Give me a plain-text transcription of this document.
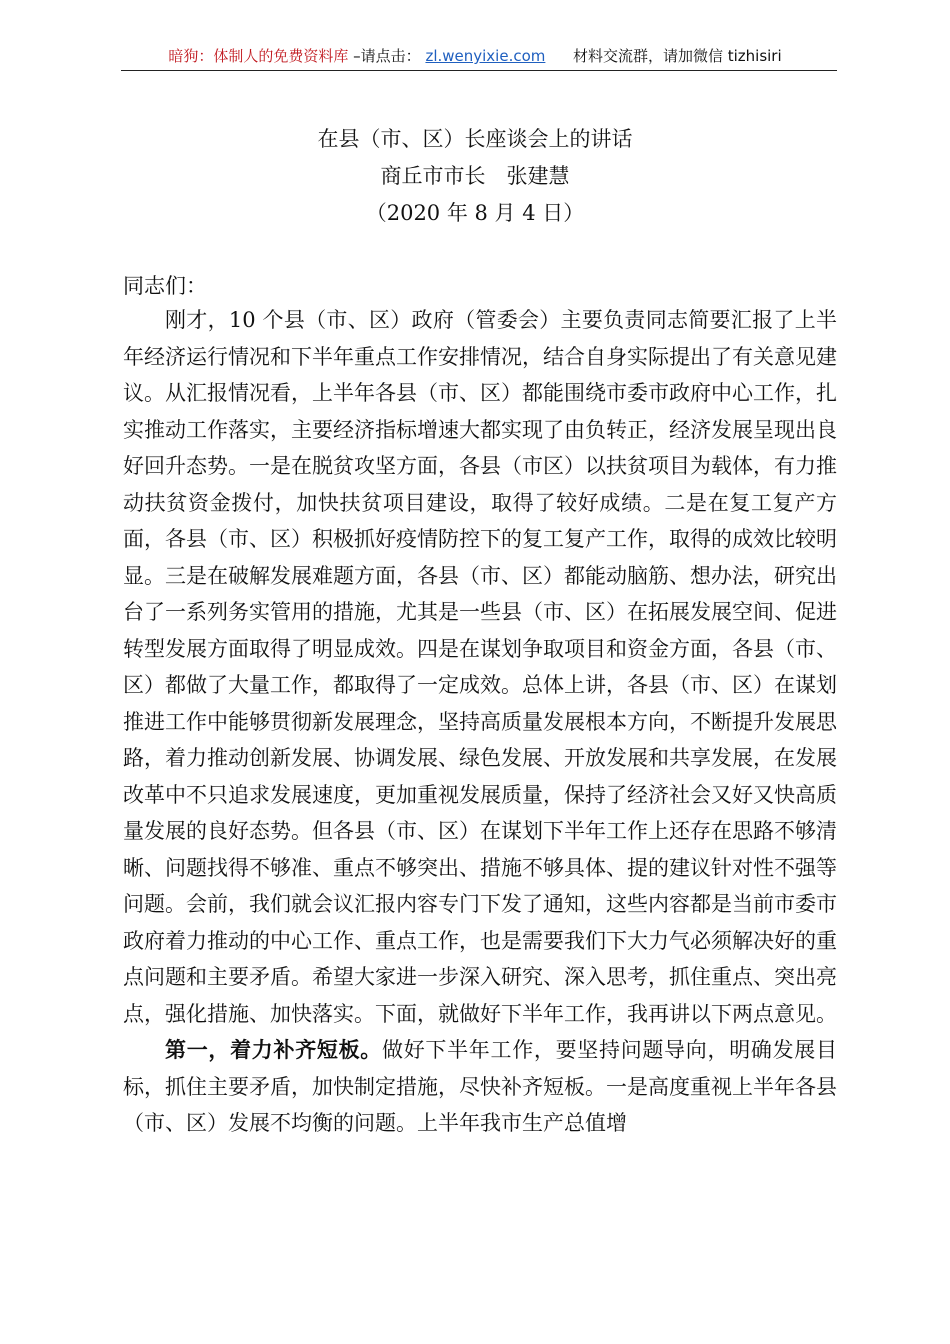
暗狗：体制人的免费资料库 –请点击： zl.wenyixie.com 材料交流群，请加微信 tizhisiri
在县（市、区）长座谈会上的讲话
商丘市市长　张建慧
（2020 年 8 月 4 日）
同志们：

刚才，10 个县（市、区）政府（管委会）主要负责同志简要汇报了上半年经济运行情况和下半年重点工作安排情况，结合自身实际提出了有关意见建议。从汇报情况看，上半年各县（市、区）都能围绕市委市政府中心工作，扎实推动工作落实，主要经济指标增速大都实现了由负转正，经济发展呈现出良好回升态势。一是在脱贫攻坚方面，各县（市区）以扶贫项目为载体，有力推动扶贫资金拨付，加快扶贫项目建设，取得了较好成绩。二是在复工复产方面，各县（市、区）积极抓好疫情防控下的复工复产工作，取得的成效比较明显。三是在破解发展难题方面，各县（市、区）都能动脑筋、想办法，研究出台了一系列务实管用的措施，尤其是一些县（市、区）在拓展发展空间、促进转型发展方面取得了明显成效。四是在谋划争取项目和资金方面，各县（市、区）都做了大量工作，都取得了一定成效。总体上讲，各县（市、区）在谋划推进工作中能够贯彻新发展理念，坚持高质量发展根本方向，不断提升发展思路，着力推动创新发展、协调发展、绿色发展、开放发展和共享发展，在发展改革中不只追求发展速度，更加重视发展质量，保持了经济社会又好又快高质量发展的良好态势。但各县（市、区）在谋划下半年工作上还存在思路不够清晰、问题找得不够准、重点不够突出、措施不够具体、提的建议针对性不强等问题。会前，我们就会议汇报内容专门下发了通知，这些内容都是当前市委市政府着力推动的中心工作、重点工作，也是需要我们下大力气必须解决好的重点问题和主要矛盾。希望大家进一步深入研究、深入思考，抓住重点、突出亮点，强化措施、加快落实。下面，就做好下半年工作，我再讲以下两点意见。

第一，着力补齐短板。做好下半年工作，要坚持问题导向，明确发展目标，抓住主要矛盾，加快制定措施，尽快补齐短板。一是高度重视上半年各县（市、区）发展不均衡的问题。上半年我市生产总值增
